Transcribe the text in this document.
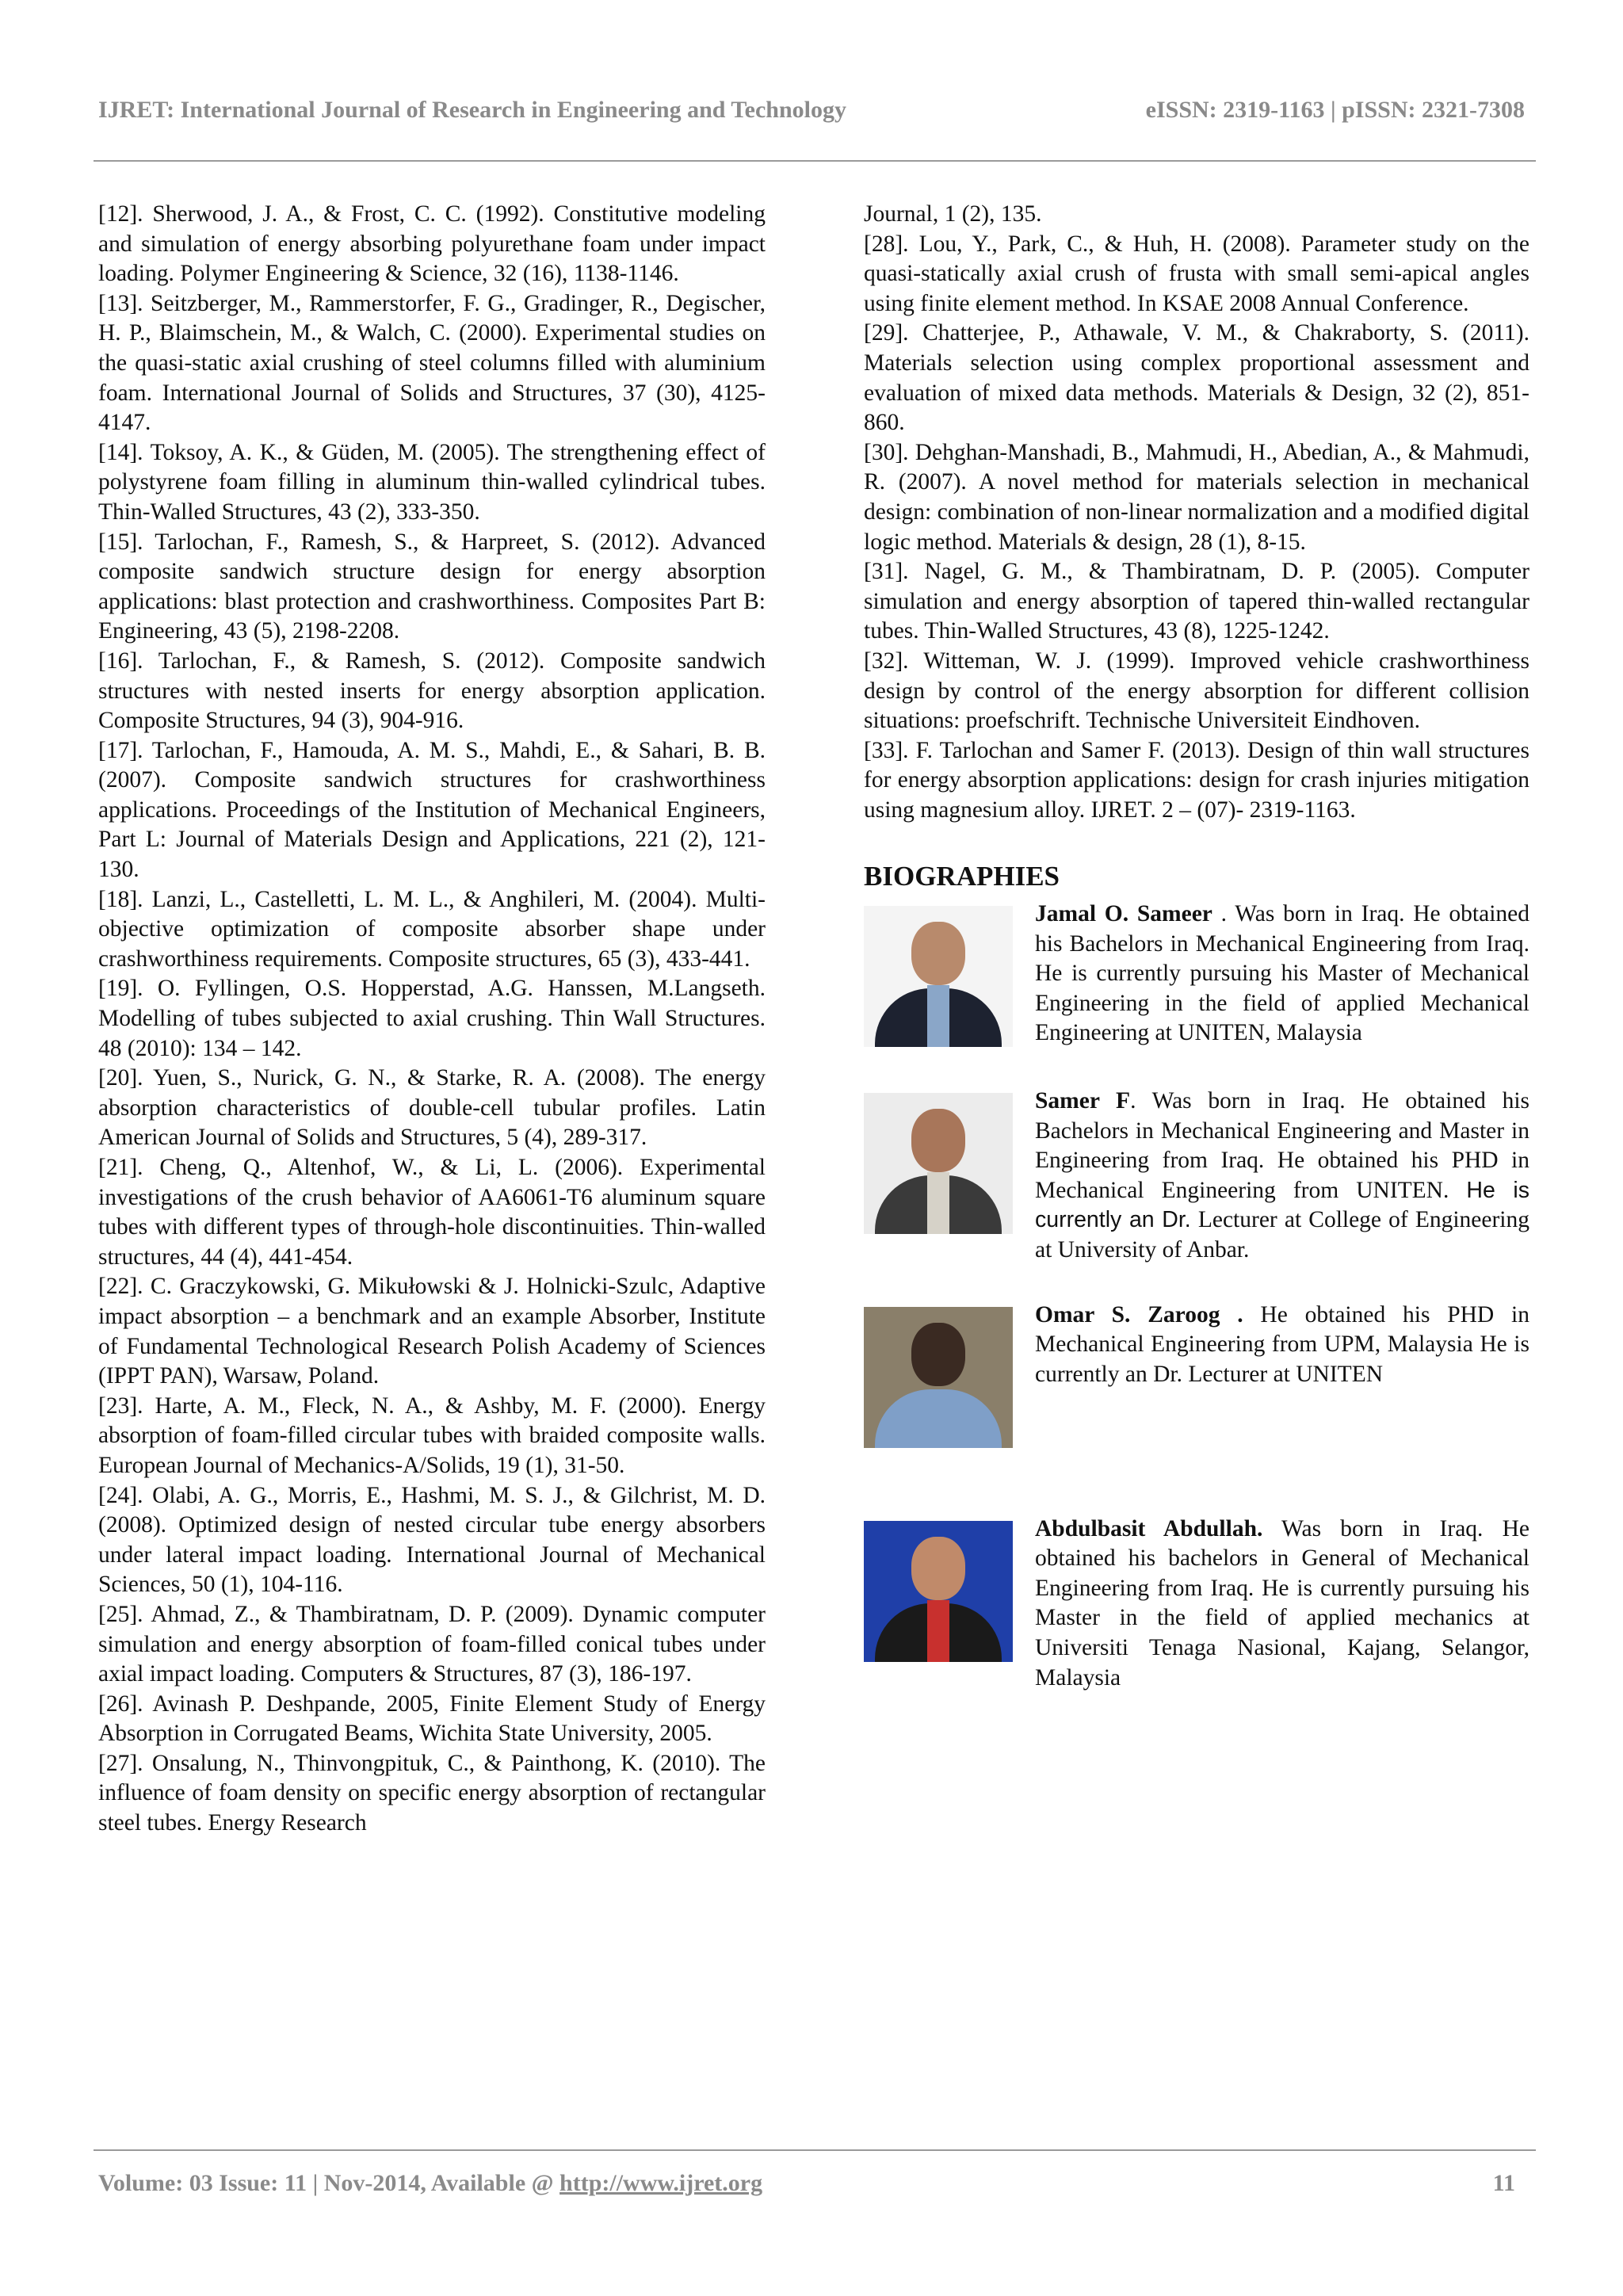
IJRET: International Journal of Research in Engineering and Technology	eISSN: 2319-1163 | pISSN: 2321-7308

[12]. Sherwood, J. A., & Frost, C. C. (1992). Constitutive modeling and simulation of energy absorbing polyurethane foam under impact loading. Polymer Engineering & Science, 32 (16), 1138-1146.

[13]. Seitzberger, M., Rammerstorfer, F. G., Gradinger, R., Degischer, H. P., Blaimschein, M., & Walch, C. (2000). Experimental studies on the quasi-static axial crushing of steel columns filled with aluminium foam. International Journal of Solids and Structures, 37 (30), 4125-4147.

[14]. Toksoy, A. K., & Güden, M. (2005). The strengthening effect of polystyrene foam filling in aluminum thin-walled cylindrical tubes. Thin-Walled Structures, 43 (2), 333-350.

[15]. Tarlochan, F., Ramesh, S., & Harpreet, S. (2012). Advanced composite sandwich structure design for energy absorption applications: blast protection and crashworthiness. Composites Part B: Engineering, 43 (5), 2198-2208.

[16]. Tarlochan, F., & Ramesh, S. (2012). Composite sandwich structures with nested inserts for energy absorption application. Composite Structures, 94 (3), 904-916.

[17]. Tarlochan, F., Hamouda, A. M. S., Mahdi, E., & Sahari, B. B. (2007). Composite sandwich structures for crashworthiness applications. Proceedings of the Institution of Mechanical Engineers, Part L: Journal of Materials Design and Applications, 221 (2), 121-130.

[18]. Lanzi, L., Castelletti, L. M. L., & Anghileri, M. (2004). Multi-objective optimization of composite absorber shape under crashworthiness requirements. Composite structures, 65 (3), 433-441.

[19]. O. Fyllingen, O.S. Hopperstad, A.G. Hanssen, M.Langseth. Modelling of tubes subjected to axial crushing. Thin Wall Structures. 48 (2010): 134 – 142.

[20]. Yuen, S., Nurick, G. N., & Starke, R. A. (2008). The energy absorption characteristics of double-cell tubular profiles. Latin American Journal of Solids and Structures, 5 (4), 289-317.

[21]. Cheng, Q., Altenhof, W., & Li, L. (2006). Experimental investigations of the crush behavior of AA6061-T6 aluminum square tubes with different types of through-hole discontinuities. Thin-walled structures, 44 (4), 441-454.

[22]. C. Graczykowski, G. Mikułowski & J. Holnicki-Szulc, Adaptive impact absorption – a benchmark and an example Absorber, Institute of Fundamental Technological Research Polish Academy of Sciences (IPPT PAN), Warsaw, Poland.

[23]. Harte, A. M., Fleck, N. A., & Ashby, M. F. (2000). Energy absorption of foam-filled circular tubes with braided composite walls. European Journal of Mechanics-A/Solids, 19 (1), 31-50.

[24]. Olabi, A. G., Morris, E., Hashmi, M. S. J., & Gilchrist, M. D. (2008). Optimized design of nested circular tube energy absorbers under lateral impact loading. International Journal of Mechanical Sciences, 50 (1), 104-116.

[25]. Ahmad, Z., & Thambiratnam, D. P. (2009). Dynamic computer simulation and energy absorption of foam-filled conical tubes under axial impact loading. Computers & Structures, 87 (3), 186-197.

[26]. Avinash P. Deshpande, 2005, Finite Element Study of Energy Absorption in Corrugated Beams, Wichita State University, 2005.

[27]. Onsalung, N., Thinvongpituk, C., & Painthong, K. (2010). The influence of foam density on specific energy absorption of rectangular steel tubes. Energy Research

Journal, 1 (2), 135.

[28]. Lou, Y., Park, C., & Huh, H. (2008). Parameter study on the quasi-statically axial crush of frusta with small semi-apical angles using finite element method. In KSAE 2008 Annual Conference.

[29]. Chatterjee, P., Athawale, V. M., & Chakraborty, S. (2011). Materials selection using complex proportional assessment and evaluation of mixed data methods. Materials & Design, 32 (2), 851-860.

[30]. Dehghan-Manshadi, B., Mahmudi, H., Abedian, A., & Mahmudi, R. (2007). A novel method for materials selection in mechanical design: combination of non-linear normalization and a modified digital logic method. Materials & design, 28 (1), 8-15.

[31]. Nagel, G. M., & Thambiratnam, D. P. (2005). Computer simulation and energy absorption of tapered thin-walled rectangular tubes. Thin-Walled Structures, 43 (8), 1225-1242.

[32]. Witteman, W. J. (1999). Improved vehicle crashworthiness design by control of the energy absorption for different collision situations: proefschrift. Technische Universiteit Eindhoven.

[33]. F. Tarlochan and Samer F. (2013). Design of thin wall structures for energy absorption applications: design for crash injuries mitigation using magnesium alloy. IJRET. 2 – (07)- 2319-1163.

BIOGRAPHIES
Jamal O. Sameer . Was born in Iraq. He obtained his Bachelors in Mechanical Engineering from Iraq. He is currently pursuing his Master of Mechanical Engineering in the field of applied Mechanical Engineering at UNITEN, Malaysia
Samer F. Was born in Iraq. He obtained his Bachelors in Mechanical Engineering and Master in Engineering from Iraq. He obtained his PHD in Mechanical Engineering from UNITEN. He is currently an Dr. Lecturer at College of Engineering at University of Anbar.
Omar S. Zaroog . He obtained his PHD in Mechanical Engineering from UPM, Malaysia He is currently an Dr. Lecturer at UNITEN
Abdulbasit Abdullah. Was born in Iraq. He obtained his bachelors in General of Mechanical Engineering from Iraq. He is currently pursuing his Master in the field of applied mechanics at Universiti Tenaga Nasional, Kajang, Selangor, Malaysia
Volume: 03 Issue: 11 | Nov-2014, Available @ http://www.ijret.org	11
